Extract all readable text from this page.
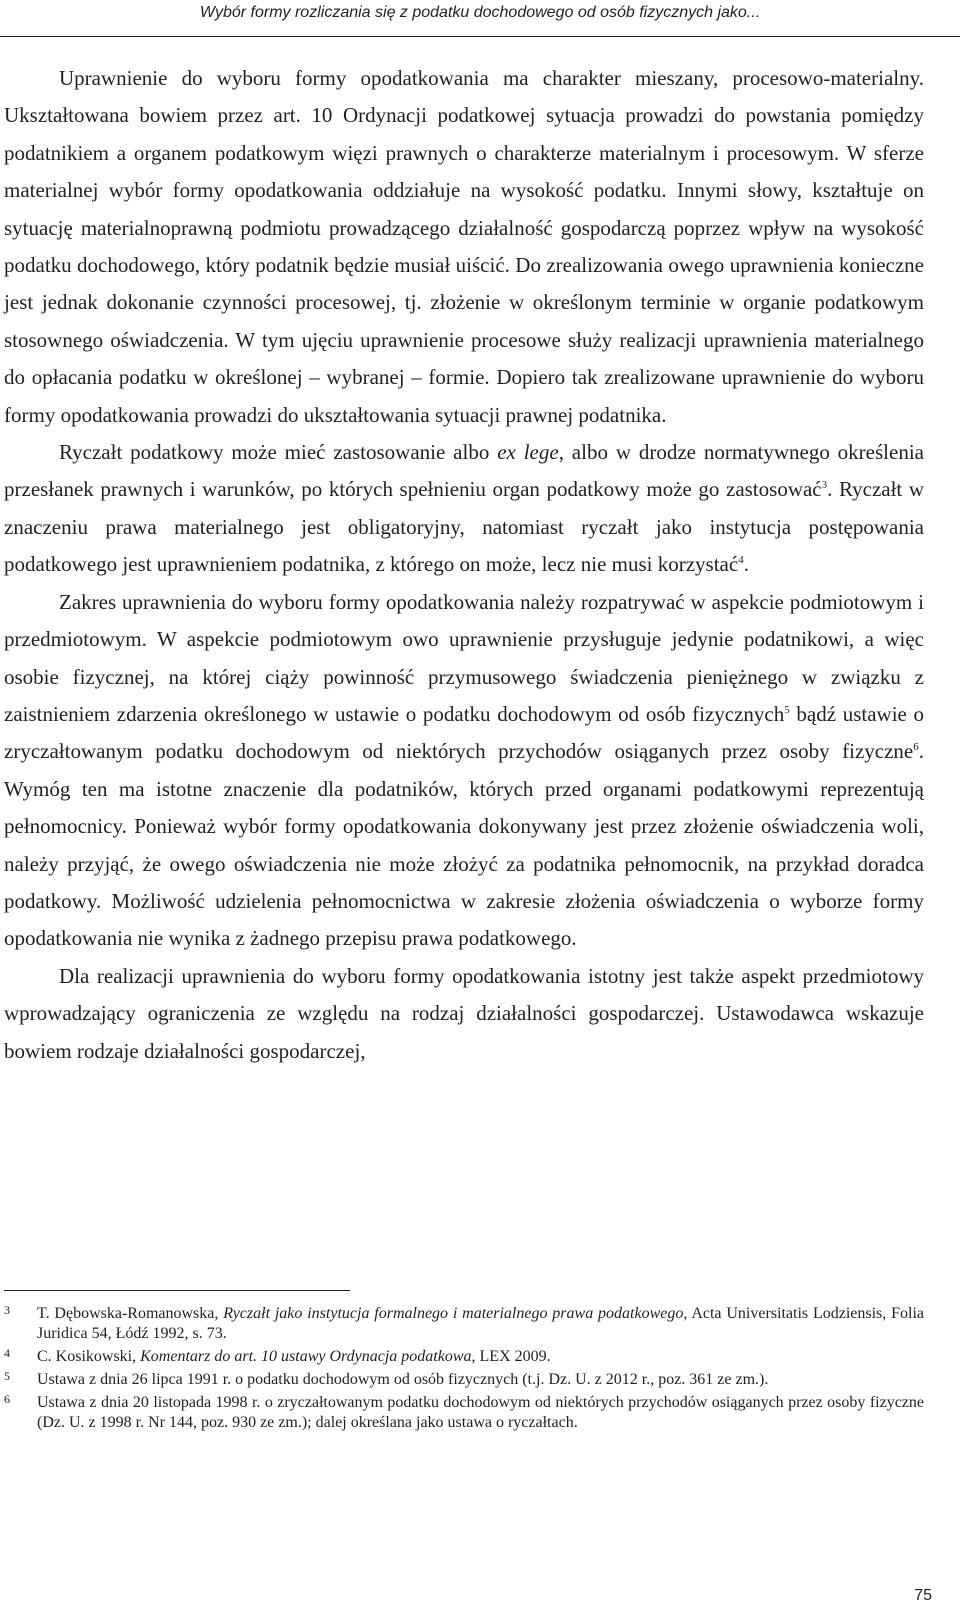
Wybór formy rozliczania się z podatku dochodowego od osób fizycznych jako...

Uprawnienie do wyboru formy opodatkowania ma charakter mieszany, procesowo-materialny. Ukształtowana bowiem przez art. 10 Ordynacji podatkowej sytuacja prowadzi do powstania pomiędzy podatnikiem a organem podatkowym więzi prawnych o charakterze materialnym i procesowym. W sferze materialnej wybór formy opodatkowania oddziałuje na wysokość podatku. Innymi słowy, kształtuje on sytuację materialnoprawną podmiotu prowadzącego działalność gospodarczą poprzez wpływ na wysokość podatku dochodowego, który podatnik będzie musiał uiścić. Do zrealizowania owego uprawnienia konieczne jest jednak dokonanie czynności procesowej, tj. złożenie w określonym terminie w organie podatkowym stosownego oświadczenia. W tym ujęciu uprawnienie procesowe służy realizacji uprawnienia materialnego do opłacania podatku w określonej – wybranej – formie. Dopiero tak zrealizowane uprawnienie do wyboru formy opodatkowania prowadzi do ukształtowania sytuacji prawnej podatnika.

Ryczałt podatkowy może mieć zastosowanie albo ex lege, albo w drodze normatywnego określenia przesłanek prawnych i warunków, po których spełnieniu organ podatkowy może go zastosować$^3$. Ryczałt w znaczeniu prawa materialnego jest obligatoryjny, natomiast ryczałt jako instytucja postępowania podatkowego jest uprawnieniem podatnika, z którego on może, lecz nie musi korzystać$^4$.

Zakres uprawnienia do wyboru formy opodatkowania należy rozpatrywać w aspekcie podmiotowym i przedmiotowym. W aspekcie podmiotowym owo uprawnienie przysługuje jedynie podatnikowi, a więc osobie fizycznej, na której ciąży powinność przymusowego świadczenia pieniężnego w związku z zaistnieniem zdarzenia określonego w ustawie o podatku dochodowym od osób fizycznych$^5$ bądź ustawie o zryczałtowanym podatku dochodowym od niektórych przychodów osiąganych przez osoby fizyczne$^6$. Wymóg ten ma istotne znaczenie dla podatników, których przed organami podatkowymi reprezentują pełnomocnicy. Ponieważ wybór formy opodatkowania dokonywany jest przez złożenie oświadczenia woli, należy przyjąć, że owego oświadczenia nie może złożyć za podatnika pełnomocnik, na przykład doradca podatkowy. Możliwość udzielenia pełnomocnictwa w zakresie złożenia oświadczenia o wyborze formy opodatkowania nie wynika z żadnego przepisu prawa podatkowego.

Dla realizacji uprawnienia do wyboru formy opodatkowania istotny jest także aspekt przedmiotowy wprowadzający ograniczenia ze względu na rodzaj działalności gospodarczej. Ustawodawca wskazuje bowiem rodzaje działalności gospodarczej,

3 T. Dębowska-Romanowska, Ryczałt jako instytucja formalnego i materialnego prawa podatkowego, Acta Universitatis Lodziensis, Folia Juridica 54, Łódź 1992, s. 73.
4 C. Kosikowski, Komentarz do art. 10 ustawy Ordynacja podatkowa, LEX 2009.
5 Ustawa z dnia 26 lipca 1991 r. o podatku dochodowym od osób fizycznych (t.j. Dz. U. z 2012 r., poz. 361 ze zm.).
6 Ustawa z dnia 20 listopada 1998 r. o zryczałtowanym podatku dochodowym od niektórych przychodów osiąganych przez osoby fizyczne (Dz. U. z 1998 r. Nr 144, poz. 930 ze zm.); dalej określana jako ustawa o ryczałtach.
75
